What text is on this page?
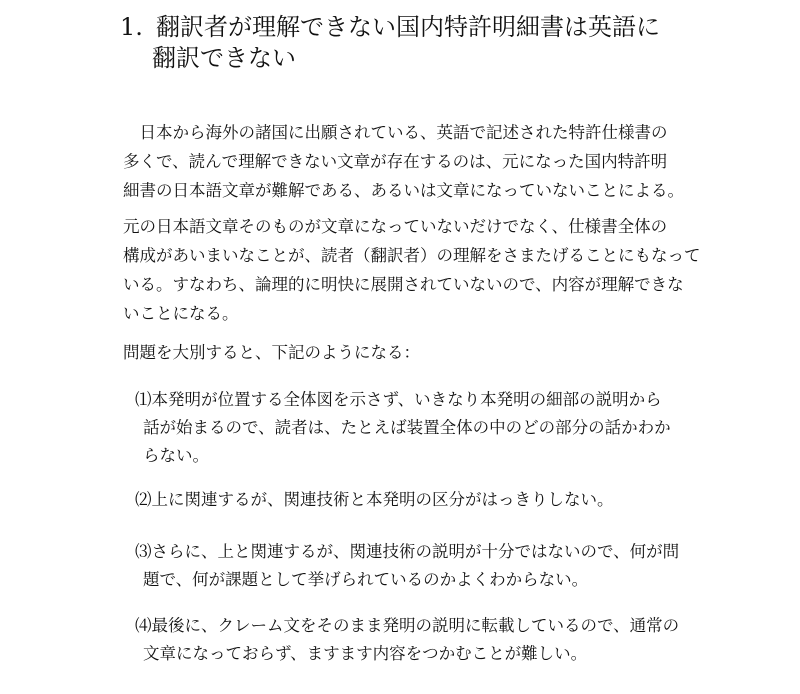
1. 翻訳者が理解できない国内特許明細書は英語に
翻訳できない

　日本から海外の諸国に出願されている、英語で記述された特許仕様書の
多くで、読んで理解できない文章が存在するのは、元になった国内特許明
細書の日本語文章が難解である、あるいは文章になっていないことによる。

元の日本語文章そのものが文章になっていないだけでなく、仕様書全体の
構成があいまいなことが、読者（翻訳者）の理解をさまたげることにもなって
いる。すなわち、論理的に明快に展開されていないので、内容が理解できな
いことになる。

問題を大別すると、下記のようになる：

⑴本発明が位置する全体図を示さず、いきなり本発明の細部の説明から
話が始まるので、読者は、たとえば装置全体の中のどの部分の話かわか
らない。

⑵上に関連するが、関連技術と本発明の区分がはっきりしない。

⑶さらに、上と関連するが、関連技術の説明が十分ではないので、何が問
題で、何が課題として挙げられているのかよくわからない。

⑷最後に、クレーム文をそのまま発明の説明に転載しているので、通常の
文章になっておらず、ますます内容をつかむことが難しい。
